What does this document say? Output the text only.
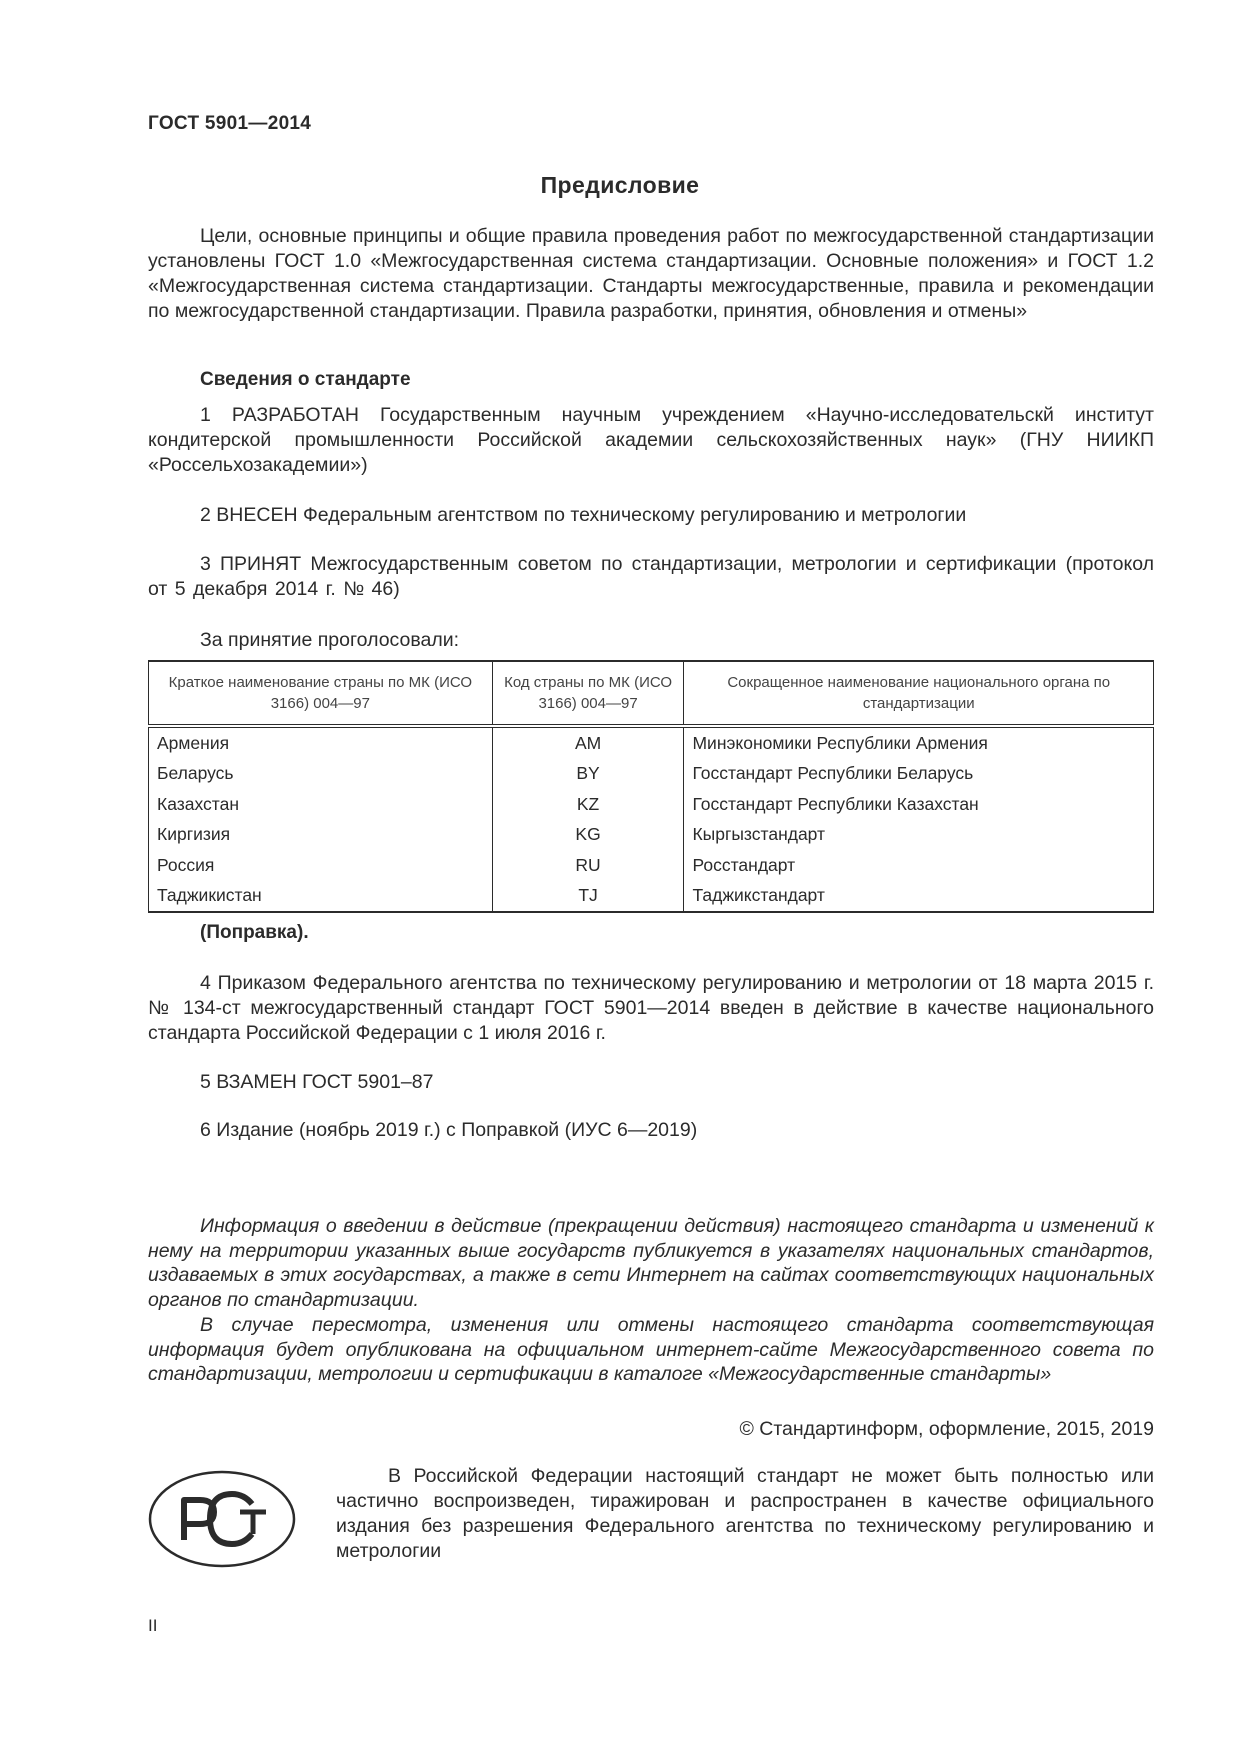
ГОСТ 5901—2014
Предисловие
Цели, основные принципы и общие правила проведения работ по межгосударственной стандартизации установлены ГОСТ 1.0 «Межгосударственная система стандартизации. Основные положения» и ГОСТ 1.2 «Межгосударственная система стандартизации. Стандарты межгосударственные, правила и рекомендации по межгосударственной стандартизации. Правила разработки, принятия, обновления и отмены»
Сведения о стандарте
1 РАЗРАБОТАН Государственным научным учреждением «Научно-исследовательскй институт кондитерской промышленности Российской академии сельскохозяйственных наук» (ГНУ НИИКП «Россельхозакадемии»)
2 ВНЕСЕН Федеральным агентством по техническому регулированию и метрологии
3 ПРИНЯТ Межгосударственным советом по стандартизации, метрологии и сертификации (протокол от 5 декабря 2014 г. № 46)
За принятие проголосовали:
Краткое наименование страны по МК (ИСО 3166) 004—97	Код страны по МК (ИСО 3166) 004—97	Сокращенное наименование национального органа по стандартизации
Армения	AM	Минэкономики Республики Армения
Беларусь	BY	Госстандарт Республики Беларусь
Казахстан	KZ	Госстандарт Республики Казахстан
Киргизия	KG	Кыргызстандарт
Россия	RU	Росстандарт
Таджикистан	TJ	Таджикстандарт
(Поправка).
4 Приказом Федерального агентства по техническому регулированию и метрологии от 18 марта 2015 г. № 134-ст межгосударственный стандарт ГОСТ 5901—2014 введен в действие в качестве национального стандарта Российской Федерации с 1 июля 2016 г.
5 ВЗАМЕН ГОСТ 5901–87
6 Издание (ноябрь 2019 г.) с Поправкой (ИУС 6—2019)
Информация о введении в действие (прекращении действия) настоящего стандарта и изменений к нему на территории указанных выше государств публикуется в указателях национальных стандартов, издаваемых в этих государствах, а также в сети Интернет на сайтах соответствующих национальных органов по стандартизации.
В случае пересмотра, изменения или отмены настоящего стандарта соответствующая информация будет опубликована на официальном интернет-сайте Межгосударственного совета по стандартизации, метрологии и сертификации в каталоге «Межгосударственные стандарты»
© Стандартинформ, оформление, 2015, 2019
В Российской Федерации настоящий стандарт не может быть полностью или частично воспроизведен, тиражирован и распространен в качестве официального издания без разрешения Федерального агентства по техническому регулированию и метрологии
II
